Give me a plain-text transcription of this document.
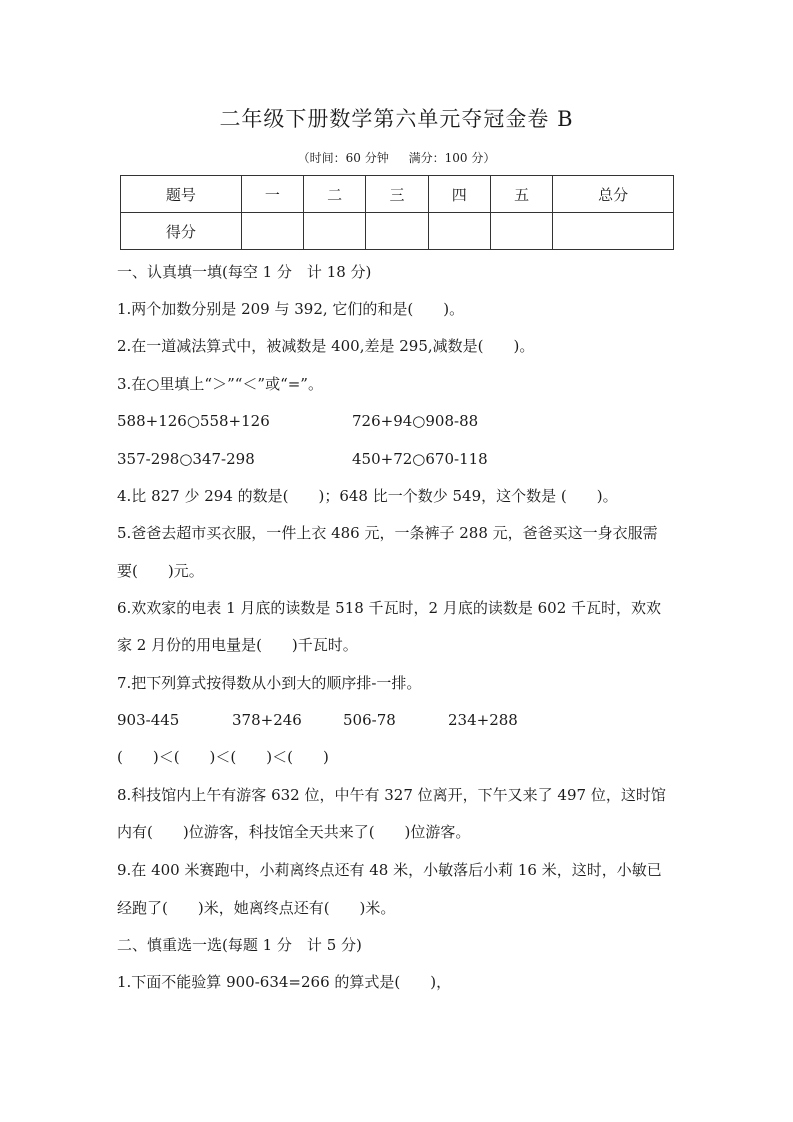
二年级下册数学第六单元夺冠金卷 B
（时间：60 分钟 满分：100 分）
题号	一	二	三	四	五	总分
得分						
一、认真填一填(每空 1 分　计 18 分)
1.两个加数分别是 209 与 392, 它们的和是(　　)。
2.在一道减法算式中，被减数是 400,差是 295,减数是(　　)。
3.在○里填上“＞”“＜”或“=”。
588+126○558+126	726+94○908-88
357-298○347-298	450+72○670-118
4.比 827 少 294 的数是(　　)；648 比一个数少 549，这个数是 (　　)。
5.爸爸去超市买衣服，一件上衣 486 元，一条裤子 288 元，爸爸买这一身衣服需
要(　　)元。
6.欢欢家的电表 1 月底的读数是 518 千瓦时，2 月底的读数是 602 千瓦时，欢欢
家 2 月份的用电量是(　　)千瓦时。
7.把下列算式按得数从小到大的顺序排-一排。
903-445	378+246	506-78	234+288
(　　)＜(　　)＜(　　)＜(　　)
8.科技馆内上午有游客 632 位，中午有 327 位离开，下午又来了 497 位，这时馆
内有(　　)位游客，科技馆全天共来了(　　)位游客。
9.在 400 米赛跑中，小莉离终点还有 48 米，小敏落后小莉 16 米，这时，小敏已
经跑了(　　)米，她离终点还有(　　)米。
二、慎重选一选(每题 1 分　计 5 分)
1.下面不能验算 900-634=266 的算式是(　　)，
